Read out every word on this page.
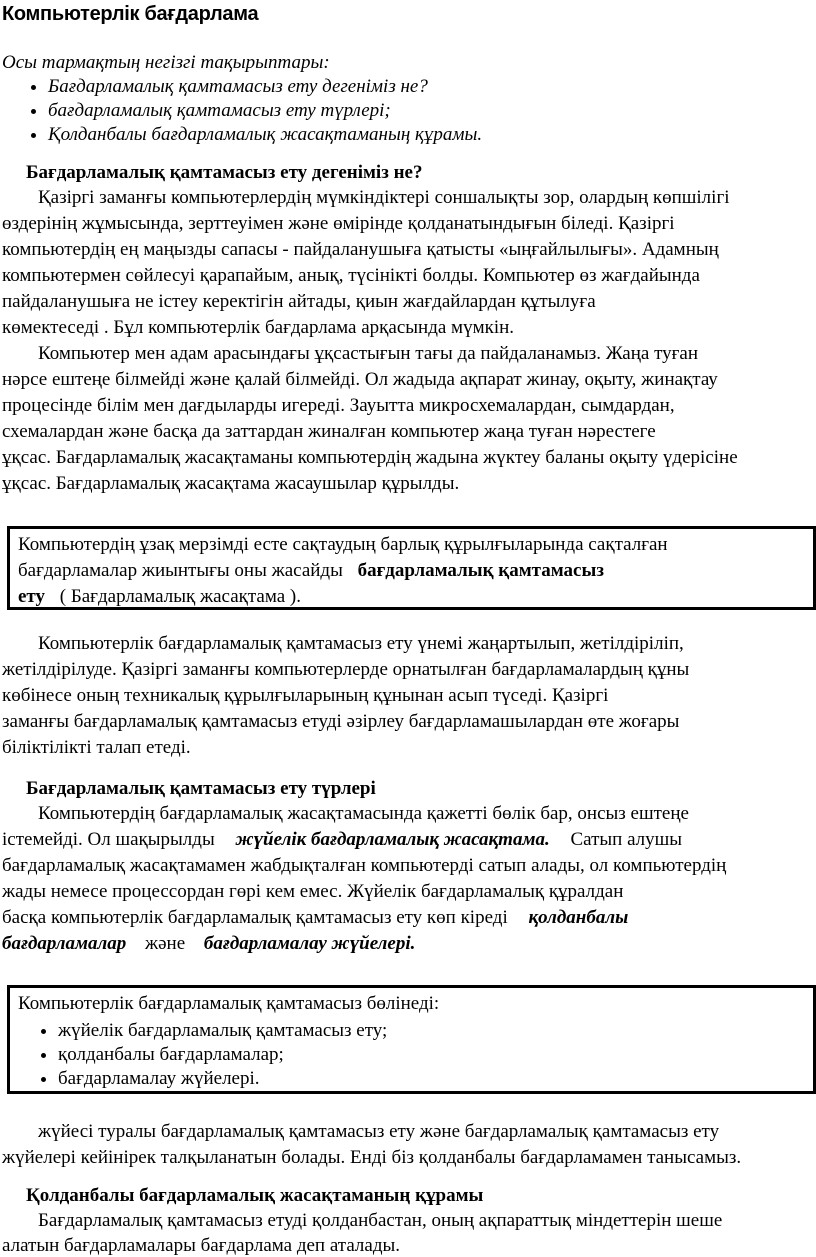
Компьютерлік бағдарлама
Осы тармақтың негізгі тақырыптары:
• Бағдарламалық қамтамасыз ету дегеніміз не?
• бағдарламалық қамтамасыз ету түрлері;
• Қолданбалы бағдарламалық жасақтаманың құрамы.
Бағдарламалық қамтамасыз ету дегеніміз не?
Қазіргі заманғы компьютерлердің мүмкіндіктері соншалықты зор, олардың көпшілігі
өздерінің жұмысында, зерттеуімен және өмірінде қолданатындығын біледі. Қазіргі
компьютердің ең маңызды сапасы - пайдаланушыға қатысты «ыңғайлылығы». Адамның
компьютермен сөйлесуі қарапайым, анық, түсінікті болды. Компьютер өз жағдайында
пайдаланушыға не істеу керектігін айтады, қиын жағдайлардан құтылуға
көмектеседі . Бұл компьютерлік бағдарлама арқасында мүмкін.
Компьютер мен адам арасындағы ұқсастығын тағы да пайдаланамыз. Жаңа туған
нәрсе ештеңе білмейді және қалай білмейді. Ол жадыда ақпарат жинау, оқыту, жинақтау
процесінде білім мен дағдыларды игереді. Зауытта микросхемалардан, сымдардан,
схемалардан және басқа да заттардан жиналған компьютер жаңа туған нәрестеге
ұқсас. Бағдарламалық жасақтаманы компьютердің жадына жүктеу баланы оқыту үдерісіне
ұқсас. Бағдарламалық жасақтама жасаушылар құрылды.
Компьютердің ұзақ мерзімді есте сақтаудың барлық құрылғыларында сақталған
бағдарламалар жиынтығы оны жасайды бағдарламалық қамтамасыз
ету ( Бағдарламалық жасақтама ).
Компьютерлік бағдарламалық қамтамасыз ету үнемі жаңартылып, жетілдіріліп,
жетілдірілуде. Қазіргі заманғы компьютерлерде орнатылған бағдарламалардың құны
көбінесе оның техникалық құрылғыларының құнынан асып түседі. Қазіргі
заманғы бағдарламалық қамтамасыз етуді әзірлеу бағдарламашылардан өте жоғары
біліктілікті талап етеді.
Бағдарламалық қамтамасыз ету түрлері
Компьютердің бағдарламалық жасақтамасында қажетті бөлік бар, онсыз ештеңе
істемейді. Ол шақырылды жүйелік бағдарламалық жасақтама. Сатып алушы
бағдарламалық жасақтамамен жабдықталған компьютерді сатып алады, ол компьютердің
жады немесе процессордан гөрі кем емес. Жүйелік бағдарламалық құралдан
басқа компьютерлік бағдарламалық қамтамасыз ету көп кіреді қолданбалы
бағдарламалар және бағдарламалау жүйелері.
Компьютерлік бағдарламалық қамтамасыз бөлінеді:
• жүйелік бағдарламалық қамтамасыз ету;
• қолданбалы бағдарламалар;
• бағдарламалау жүйелері.
жүйесі туралы бағдарламалық қамтамасыз ету және бағдарламалық қамтамасыз ету
жүйелері кейінірек талқыланатын болады. Енді біз қолданбалы бағдарламамен танысамыз.
Қолданбалы бағдарламалық жасақтаманың құрамы
Бағдарламалық қамтамасыз етуді қолданбастан, оның ақпараттық міндеттерін шеше
алатын бағдарламалары бағдарлама деп аталады.
